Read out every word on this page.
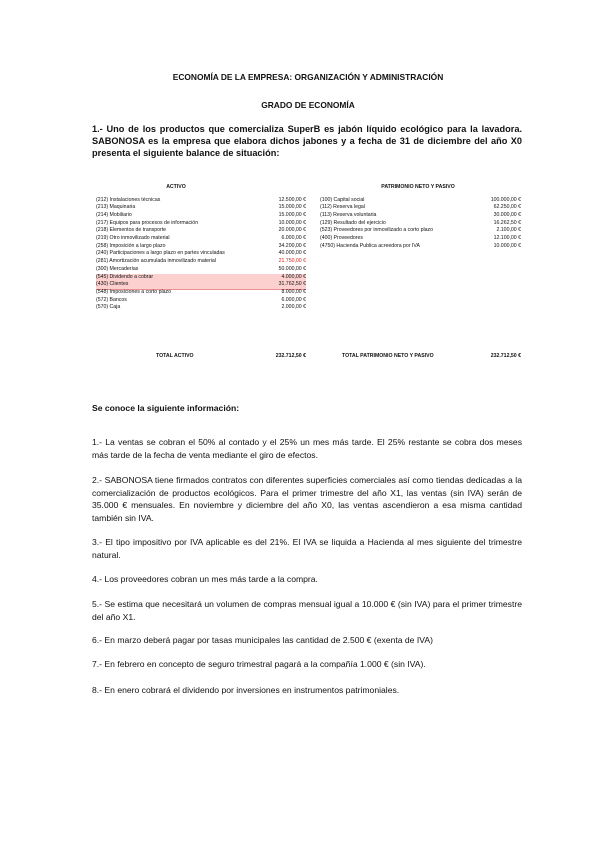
ECONOMÍA DE LA EMPRESA: ORGANIZACIÓN Y ADMINISTRACIÓN
GRADO DE ECONOMÍA
1.- Uno de los productos que comercializa SuperB es jabón líquido ecológico para la lavadora. SABONOSA es la empresa que elabora dichos jabones y a fecha de 31 de diciembre del año X0 presenta el siguiente balance de situación:
ACTIVO	PATRIMONIO NETO Y PASIVO
(212) Instalaciones técnicas	12.500,00 €
(213) Maquinaria	15.000,00 €
(214) Mobiliario	15.000,00 €
(217) Equipos para procesos de información	10.000,00 €
(218) Elementos de transporte	20.000,00 €
(219) Otro inmovilizado material	6.000,00 €
(258) Imposición a largo plazo	34.200,00 €
(240) Participaciones a largo plazo en partes vinculadas	40.000,00 €
(281) Amortización acumulada inmovilizado material	21.750,00 €
(300) Mercaderías	50.000,00 €
(545) Dividendo a cobrar	4.000,00 €
(430) Clientes	31.762,50 €
(548) Imposiciones a corto plazo	8.000,00 €
(572) Bancos	6.000,00 €
(570) Caja	2.000,00 €
(100) Capital social	100.000,00 €
(112) Reserva legal	62.250,00 €
(113) Reserva voluntaria	30.000,00 €
(129) Resultado del ejercicio	16.262,50 €
(523) Proveedores por inmovilizado a corto plazo	2.100,00 €
(400) Proveedores	12.100,00 €
(4750) Hacienda Publica acreedora por IVA	10.000,00 €
TOTAL ACTIVO	232.712,50 €	TOTAL PATRIMONIO NETO Y PASIVO	232.712,50 €
Se conoce la siguiente información:
1.- La ventas se cobran el 50% al contado y el 25% un mes más tarde. El 25% restante se cobra dos meses más tarde de la fecha de venta mediante el giro de efectos.
2.- SABONOSA tiene firmados contratos con diferentes superficies comerciales así como tiendas dedicadas a la comercialización de productos ecológicos. Para el primer trimestre del año X1, las ventas (sin IVA) serán de 35.000 € mensuales. En noviembre y diciembre del año X0, las ventas ascendieron a esa misma cantidad también sin IVA.
3.- El tipo impositivo por IVA aplicable es del 21%. El IVA se liquida a Hacienda al mes siguiente del trimestre natural.
4.- Los proveedores cobran un mes más tarde a la compra.
5.- Se estima que necesitará un volumen de compras mensual igual a 10.000 € (sin IVA) para el primer trimestre del año X1.
6.- En marzo deberá pagar por tasas municipales las cantidad de 2.500 € (exenta de IVA)
7.- En febrero en concepto de seguro trimestral pagará a la compañía 1.000 € (sin IVA).
8.- En enero cobrará el dividendo por inversiones en instrumentos patrimoniales.
